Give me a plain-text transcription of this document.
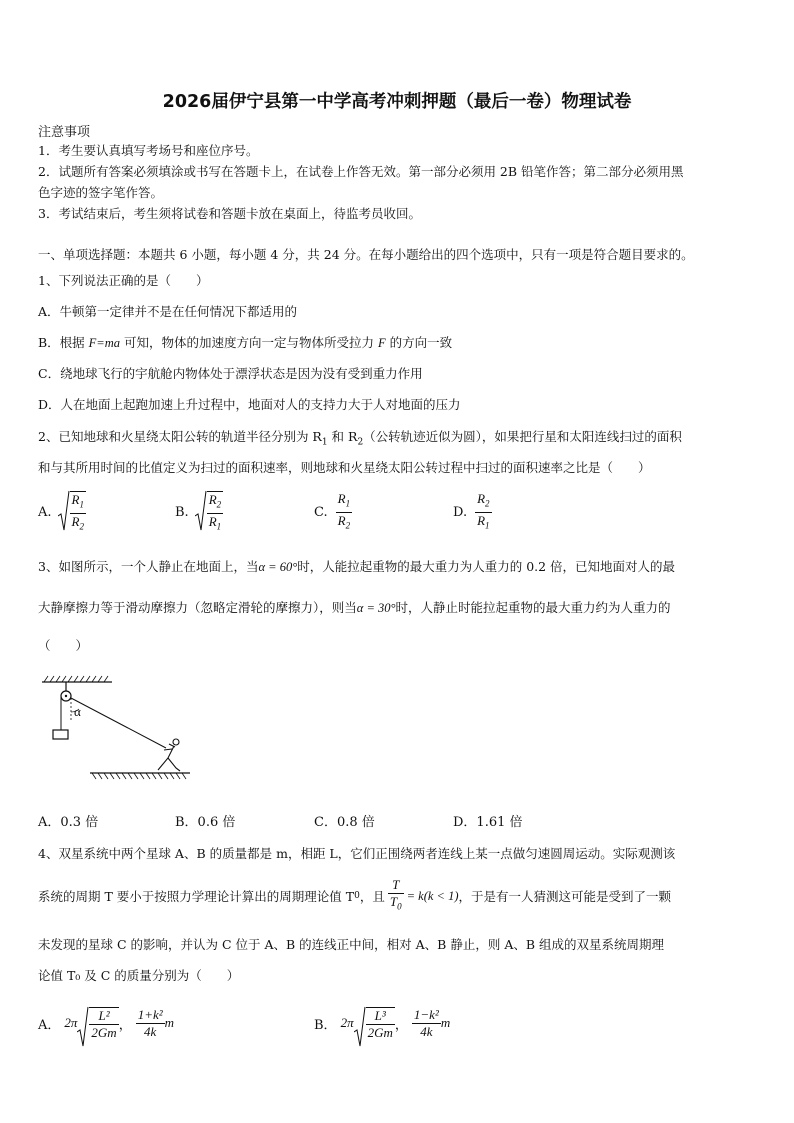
2026届伊宁县第一中学高考冲刺押题（最后一卷）物理试卷
注意事项
1．考生要认真填写考场号和座位序号。
2．试题所有答案必须填涂或书写在答题卡上，在试卷上作答无效。第一部分必须用 2B 铅笔作答；第二部分必须用黑
色字迹的签字笔作答。
3．考试结束后，考生须将试卷和答题卡放在桌面上，待监考员收回。
一、单项选择题：本题共 6 小题，每小题 4 分，共 24 分。在每小题给出的四个选项中，只有一项是符合题目要求的。
1、下列说法正确的是（　　）
A．牛顿第一定律并不是在任何情况下都适用的
B．根据 F=ma 可知，物体的加速度方向一定与物体所受拉力 F 的方向一致
C．绕地球飞行的宇航舱内物体处于漂浮状态是因为没有受到重力作用
D．人在地面上起跑加速上升过程中，地面对人的支持力大于人对地面的压力
2、已知地球和火星绕太阳公转的轨道半径分别为 $R_1$ 和 $R_2$（公转轨迹近似为圆），如果把行星和太阳连线扫过的面积
和与其所用时间的比值定义为扫过的面积速率，则地球和火星绕太阳公转过程中扫过的面积速率之比是（　　）
A. $\frac{R_1}{R_2}$	B. $\frac{R_2}{R_1}$	C. $\frac{R_1}{R_2}$	D. $\frac{R_2}{R_1}$
3、如图所示，一个人静止在地面上，当α = 60°时，人能拉起重物的最大重力为人重力的 0.2 倍，已知地面对人的最
大静摩擦力等于滑动摩擦力（忽略定滑轮的摩擦力），则当α = 30°时，人静止时能拉起重物的最大重力约为人重力的
（　　）
α
A．0.3 倍	B．0.6 倍	C．0.8 倍	D．1.61 倍
4、双星系统中两个星球 A、B 的质量都是 m，相距 L，它们正围绕两者连线上某一点做匀速圆周运动。实际观测该
系统的周期 T 要小于按照力学理论计算出的周期理论值 T 0 ，且 $\frac{T}{T_0} = k(k < 1)$ ，于是有一人猜测这可能是受到了一颗
未发现的星球 C 的影响，并认为 C 位于 A、B 的连线正中间，相对 A、B 静止，则 A、B 组成的双星系统周期理
论值 T₀ 及 C 的质量分别为（　　）
A． $2\pi \frac{\text{L²}}{2Gm}$ ， $\frac{\text{1+k²}}{4k}$ m	B． $2\pi \frac{\text{L³}}{2Gm}$ ， $\frac{\text{1−k²}}{4k}$ m
